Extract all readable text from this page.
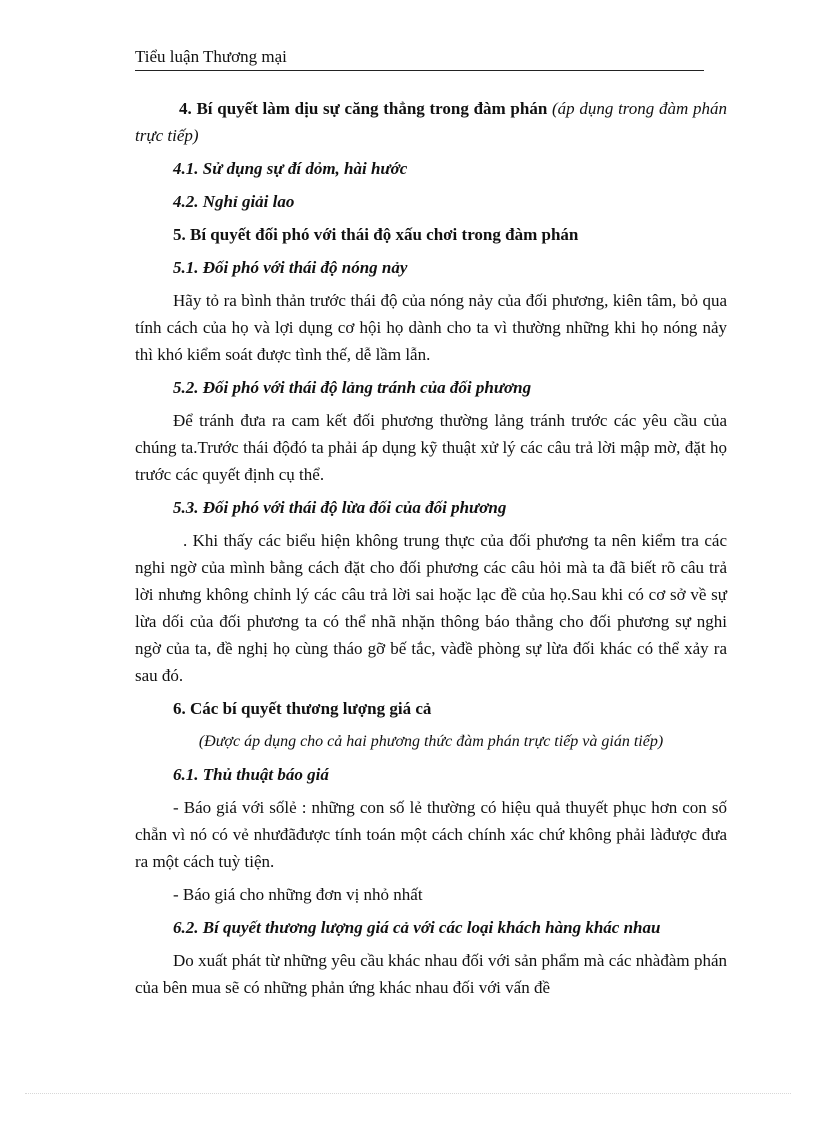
Tiểu luận Thương mại

4. Bí quyết làm dịu sự căng thẳng trong đàm phán (áp dụng trong đàm phán trực tiếp)

4.1. Sử dụng sự đí dỏm, hài hước

4.2. Nghỉ giải lao

5. Bí quyết đối phó với thái độ xấu chơi trong đàm phán

5.1. Đối phó với thái độ nóng nảy

Hãy tỏ ra bình thản trước thái độ của nóng nảy của đối phương, kiên tâm, bỏ qua tính cách của họ và lợi dụng cơ hội họ dành cho ta vì thường những khi họ nóng nảy thì khó kiểm soát được tình thế, dễ lầm lẫn.

5.2. Đối phó với thái độ lảng tránh của đối phương

Để tránh đưa ra cam kết đối phương thường lảng tránh trước các yêu cầu của chúng ta.Trước thái độđó ta phải áp dụng kỹ thuật xử lý các câu trả lời mập mờ, đặt họ trước các quyết định cụ thể.

5.3. Đối phó với thái độ lừa đối của đối phương

. Khi thấy các biểu hiện không trung thực của đối phương ta nên kiểm tra các nghi ngờ của mình bằng cách đặt cho đối phương các câu hỏi mà ta đã biết rõ câu trả lời nhưng không chỉnh lý các câu trả lời sai hoặc lạc đề của họ.Sau khi có cơ sở về sự lừa dối của đối phương ta có thể nhã nhặn thông báo thẳng cho đối phương sự nghi ngờ của ta, đề nghị họ cùng tháo gỡ bế tắc, vàđề phòng sự lừa đối khác có thể xảy ra sau đó.

6. Các bí quyết thương lượng giá cả

(Được áp dụng cho cả hai phương thức đàm phán trực tiếp và gián tiếp)

6.1. Thủ thuật báo giá

- Báo giá với sốlẻ : những con số lẻ thường có hiệu quả thuyết phục hơn con số chẵn vì nó có vẻ nhưđãđược tính toán một cách chính xác chứ không phải làđược đưa ra một cách tuỳ tiện.

- Báo giá cho những đơn vị nhỏ nhất

6.2. Bí quyết thương lượng giá cả với các loại khách hàng khác nhau

Do xuất phát từ những yêu cầu khác nhau đối với sản phẩm mà các nhàđàm phán của bên mua sẽ có những phản ứng khác nhau đối với vấn đề
